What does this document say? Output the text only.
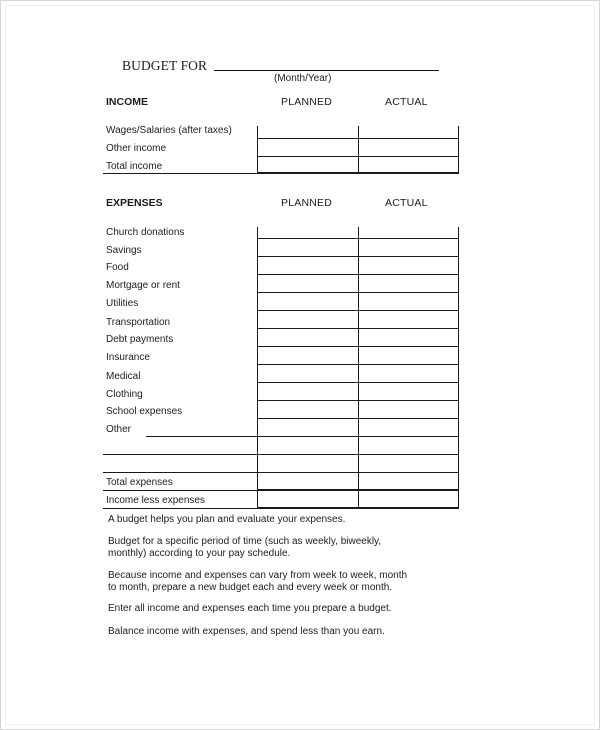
BUDGET FOR
(Month/Year)
INCOME	PLANNED	ACTUAL
Wages/Salaries (after taxes)
Other income
Total income
EXPENSES	PLANNED	ACTUAL
Church donations
Savings
Food
Mortgage or rent
Utilities
Transportation
Debt payments
Insurance
Medical
Clothing
School expenses
Other
Total expenses
Income less expenses
A budget helps you plan and evaluate your expenses.
Budget for a specific period of time (such as weekly, biweekly,
monthly) according to your pay schedule.
Because income and expenses can vary from week to week, month
to month, prepare a new budget each and every week or month.
Enter all income and expenses each time you prepare a budget.
Balance income with expenses, and spend less than you earn.
